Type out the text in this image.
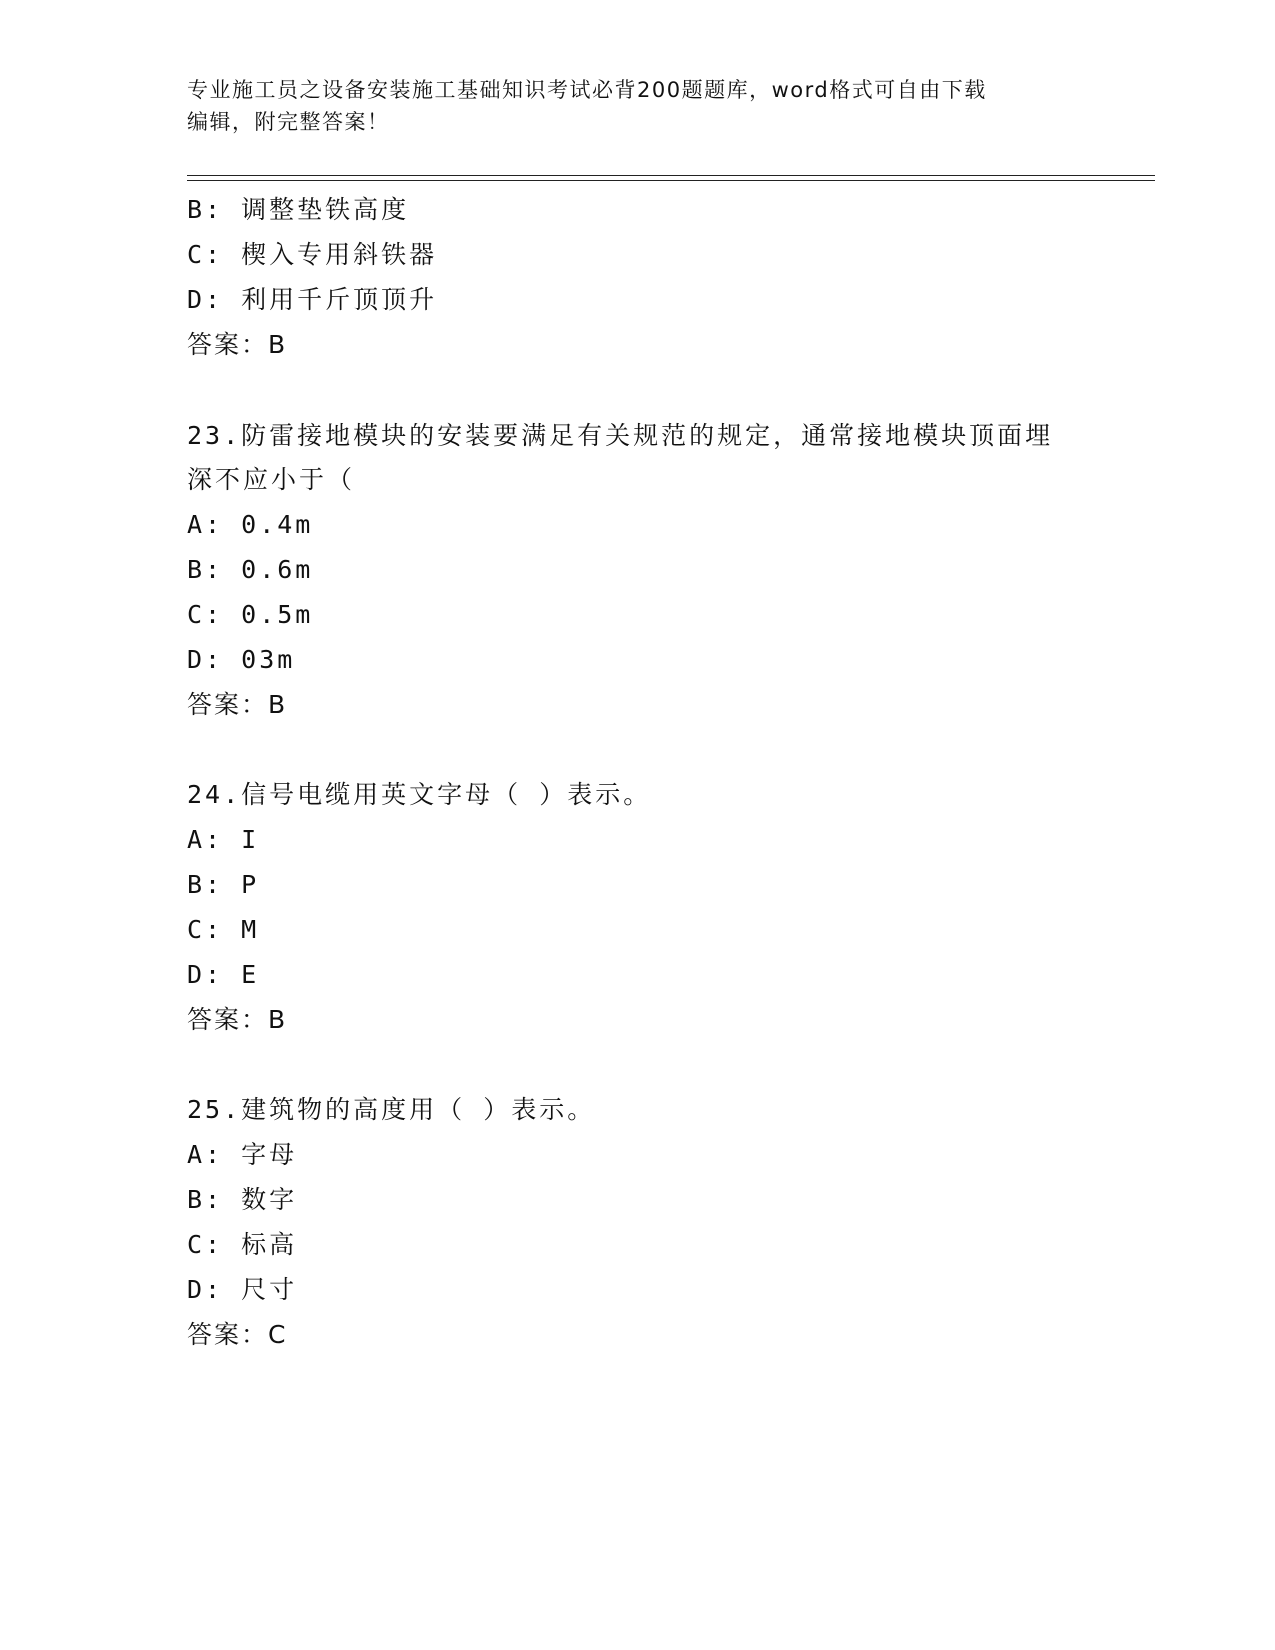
专业施工员之设备安装施工基础知识考试必背200题题库，word格式可自由下载
编辑，附完整答案！
B: 调整垫铁高度
C: 楔入专用斜铁器
D: 利用千斤顶顶升
答案：B
23.防雷接地模块的安装要满足有关规范的规定，通常接地模块顶面埋
深不应小于（
A: 0.4m
B: 0.6m
C: 0.5m
D: 03m
答案：B
24.信号电缆用英文字母（ ）表示。
A: I
B: P
C: M
D: E
答案：B
25.建筑物的高度用（ ）表示。
A: 字母
B: 数字
C: 标高
D: 尺寸
答案：C
